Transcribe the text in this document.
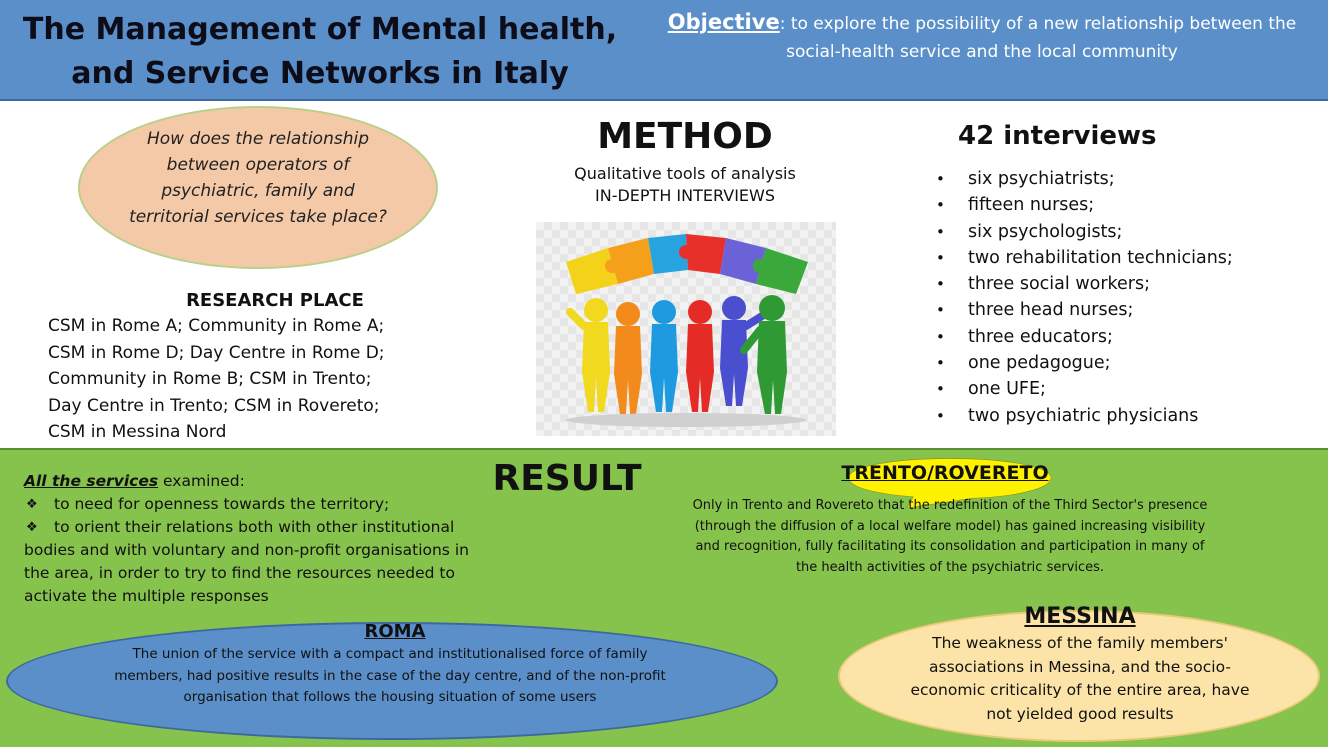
The Management of Mental health,
and Service Networks in Italy
Objective: to explore the possibility of a new relationship between the social-health service and the local community
How does the relationship between operators of psychiatric, family and territorial services take place?
RESEARCH PLACE
CSM in Rome A; Community in Rome A;
CSM in Rome D; Day Centre in Rome D;
Community in Rome B; CSM in Trento;
Day Centre in Trento; CSM in Rovereto;
CSM in Messina Nord
METHOD
Qualitative tools of analysis
IN-DEPTH INTERVIEWS
42 interviews
• six psychiatrists;
• fifteen nurses;
• six psychologists;
• two rehabilitation technicians;
• three social workers;
• three head nurses;
• three educators;
• one pedagogue;
• one UFE;
• two psychiatric physicians
All the services examined:
❖ to need for openness towards the territory;
❖ to orient their relations both with other institutional
bodies and with voluntary and non-profit organisations in the area, in order to try to find the resources needed to activate the multiple responses
RESULT	TRENTO/ROVERETO
Only in Trento and Rovereto that the redefinition of the Third Sector's presence (through the diffusion of a local welfare model) has gained increasing visibility and recognition, fully facilitating its consolidation and participation in many of the health activities of the psychiatric services.
ROMA
The union of the service with a compact and institutionalised force of family members, had positive results in the case of the day centre, and of the non-profit organisation that follows the housing situation of some users
MESSINA
The weakness of the family members' associations in Messina, and the socio-economic criticality of the entire area, have not yielded good results
